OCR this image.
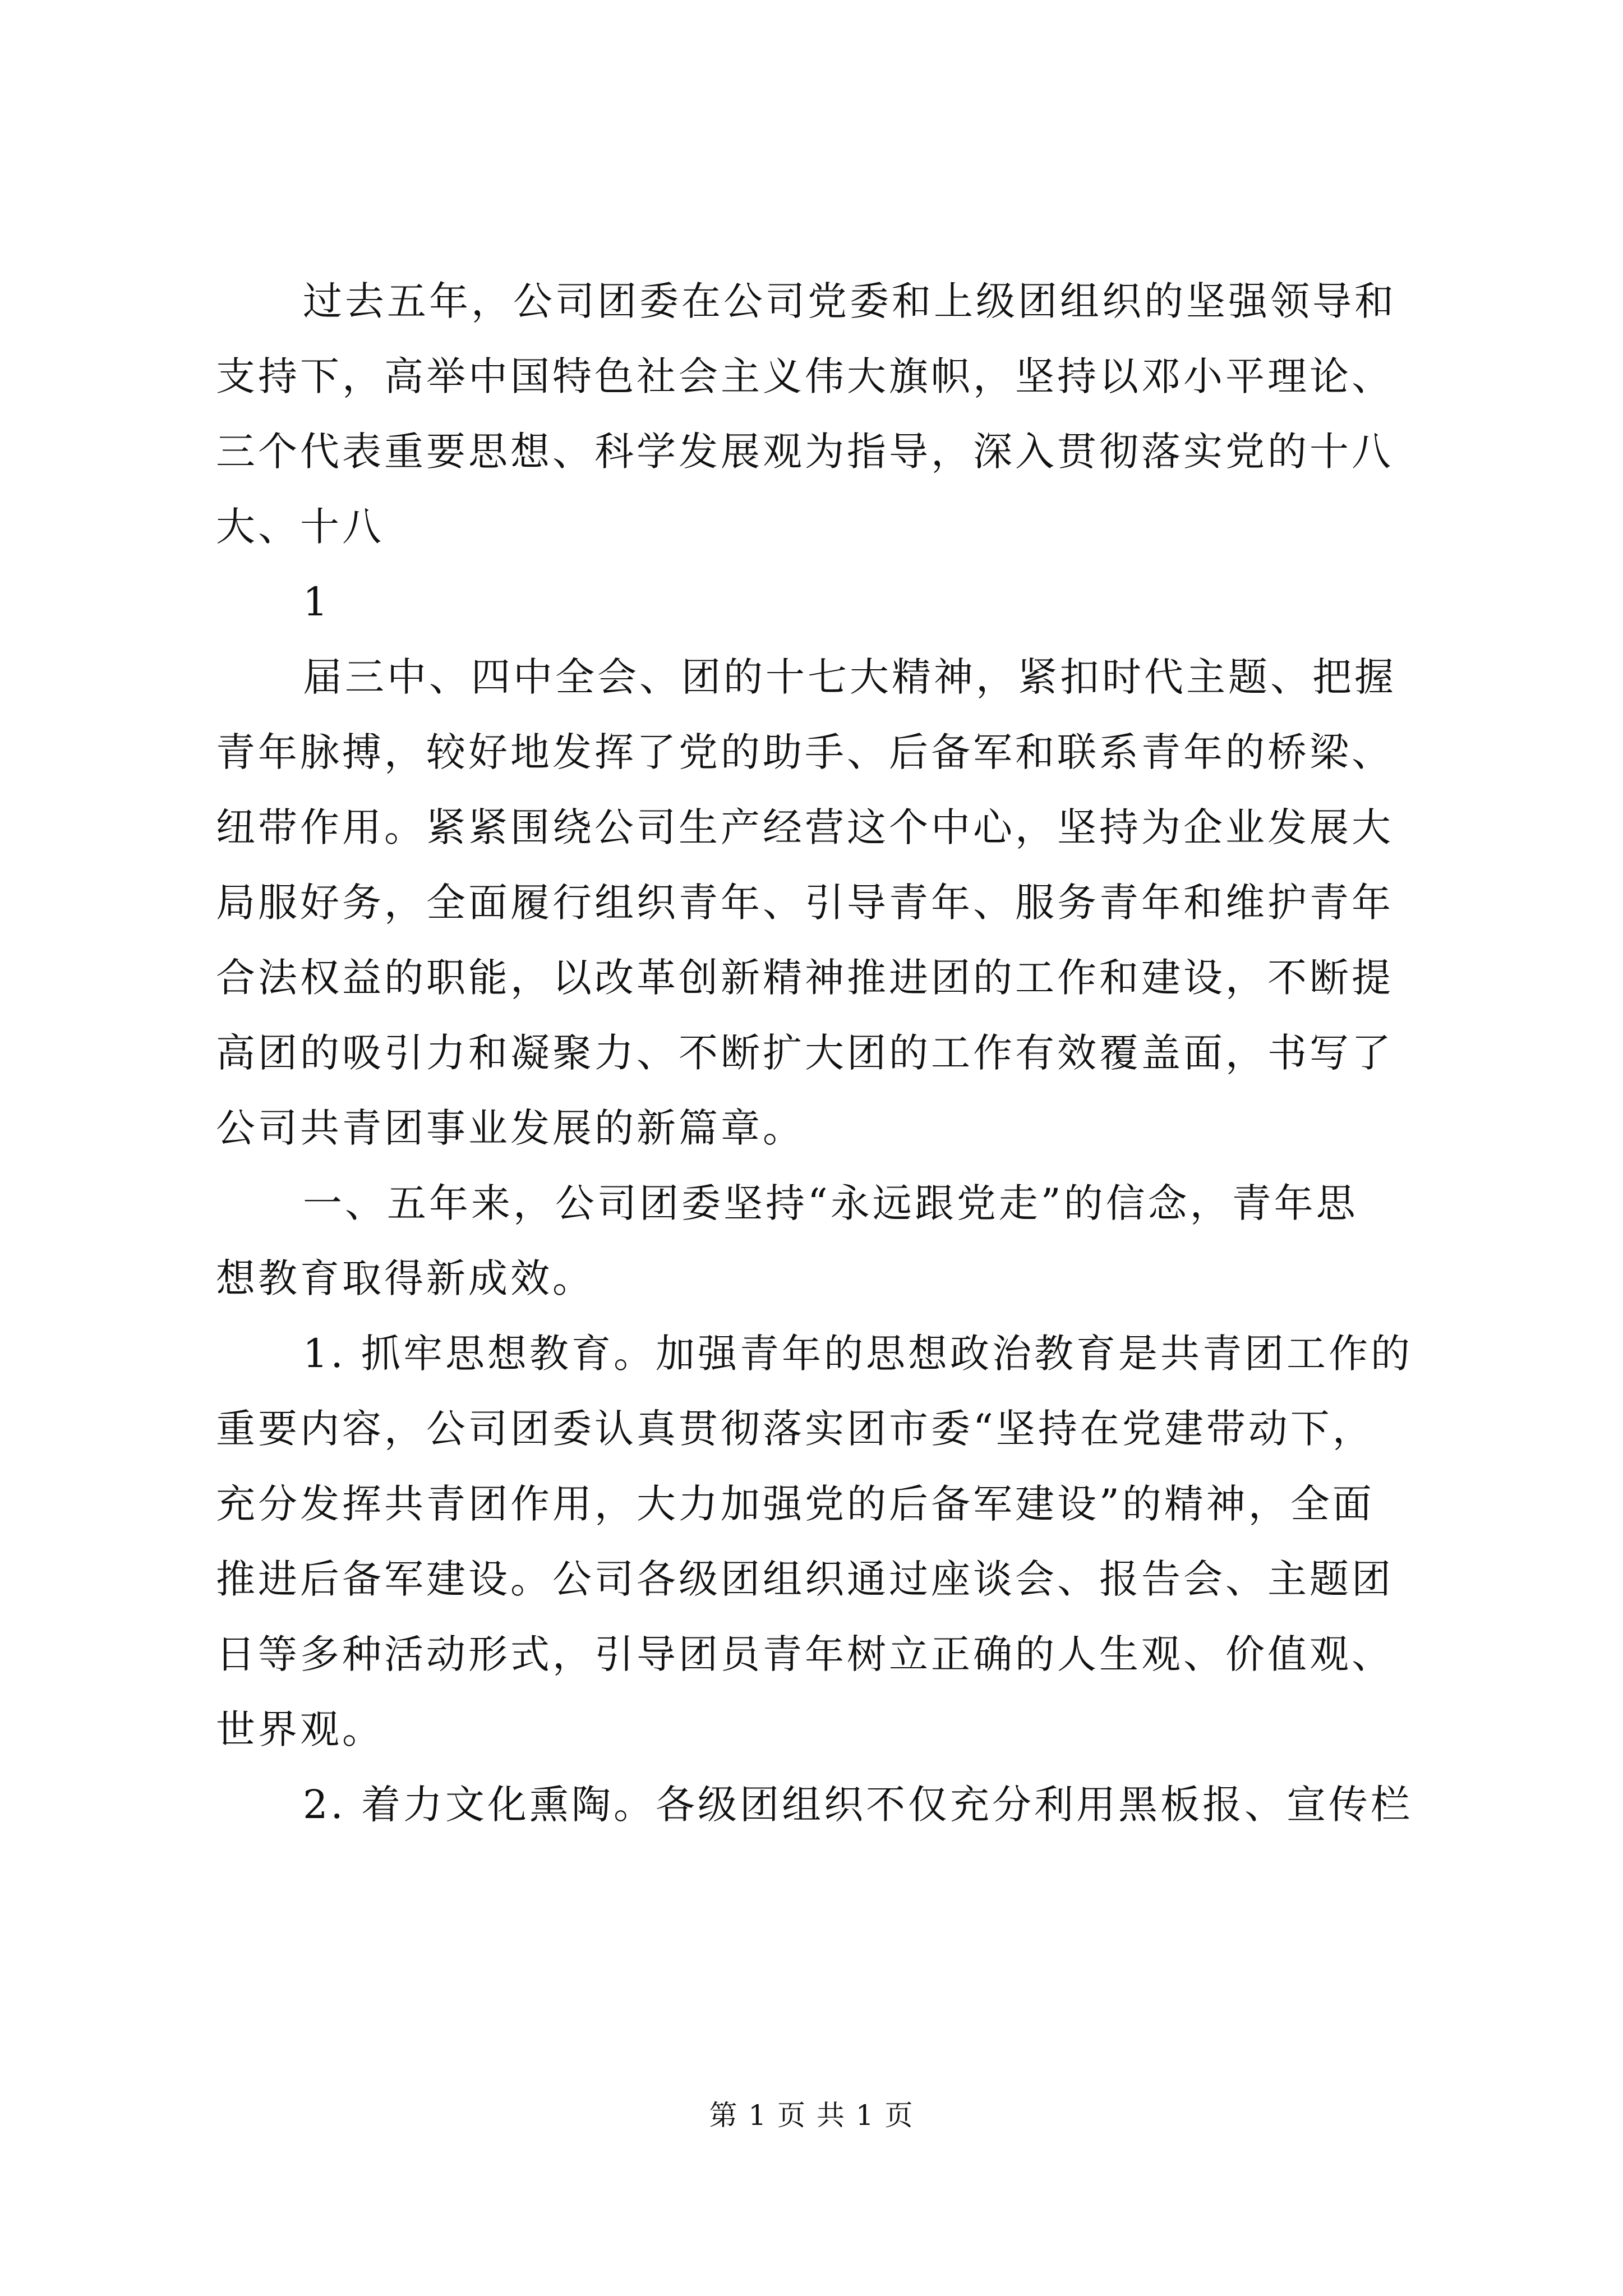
过去五年，公司团委在公司党委和上级团组织的坚强领导和
支持下，高举中国特色社会主义伟大旗帜，坚持以邓小平理论、
三个代表重要思想、科学发展观为指导，深入贯彻落实党的十八
大、十八
1
届三中、四中全会、团的十七大精神，紧扣时代主题、把握
青年脉搏，较好地发挥了党的助手、后备军和联系青年的桥梁、
纽带作用。紧紧围绕公司生产经营这个中心，坚持为企业发展大
局服好务，全面履行组织青年、引导青年、服务青年和维护青年
合法权益的职能，以改革创新精神推进团的工作和建设，不断提
高团的吸引力和凝聚力、不断扩大团的工作有效覆盖面，书写了
公司共青团事业发展的新篇章。
一、五年来，公司团委坚持“永远跟党走”的信念，青年思
想教育取得新成效。
1. 抓牢思想教育。加强青年的思想政治教育是共青团工作的
重要内容，公司团委认真贯彻落实团市委“坚持在党建带动下，
充分发挥共青团作用，大力加强党的后备军建设”的精神，全面
推进后备军建设。公司各级团组织通过座谈会、报告会、主题团
日等多种活动形式，引导团员青年树立正确的人生观、价值观、
世界观。
2. 着力文化熏陶。各级团组织不仅充分利用黑板报、宣传栏
第 1 页 共 1 页
